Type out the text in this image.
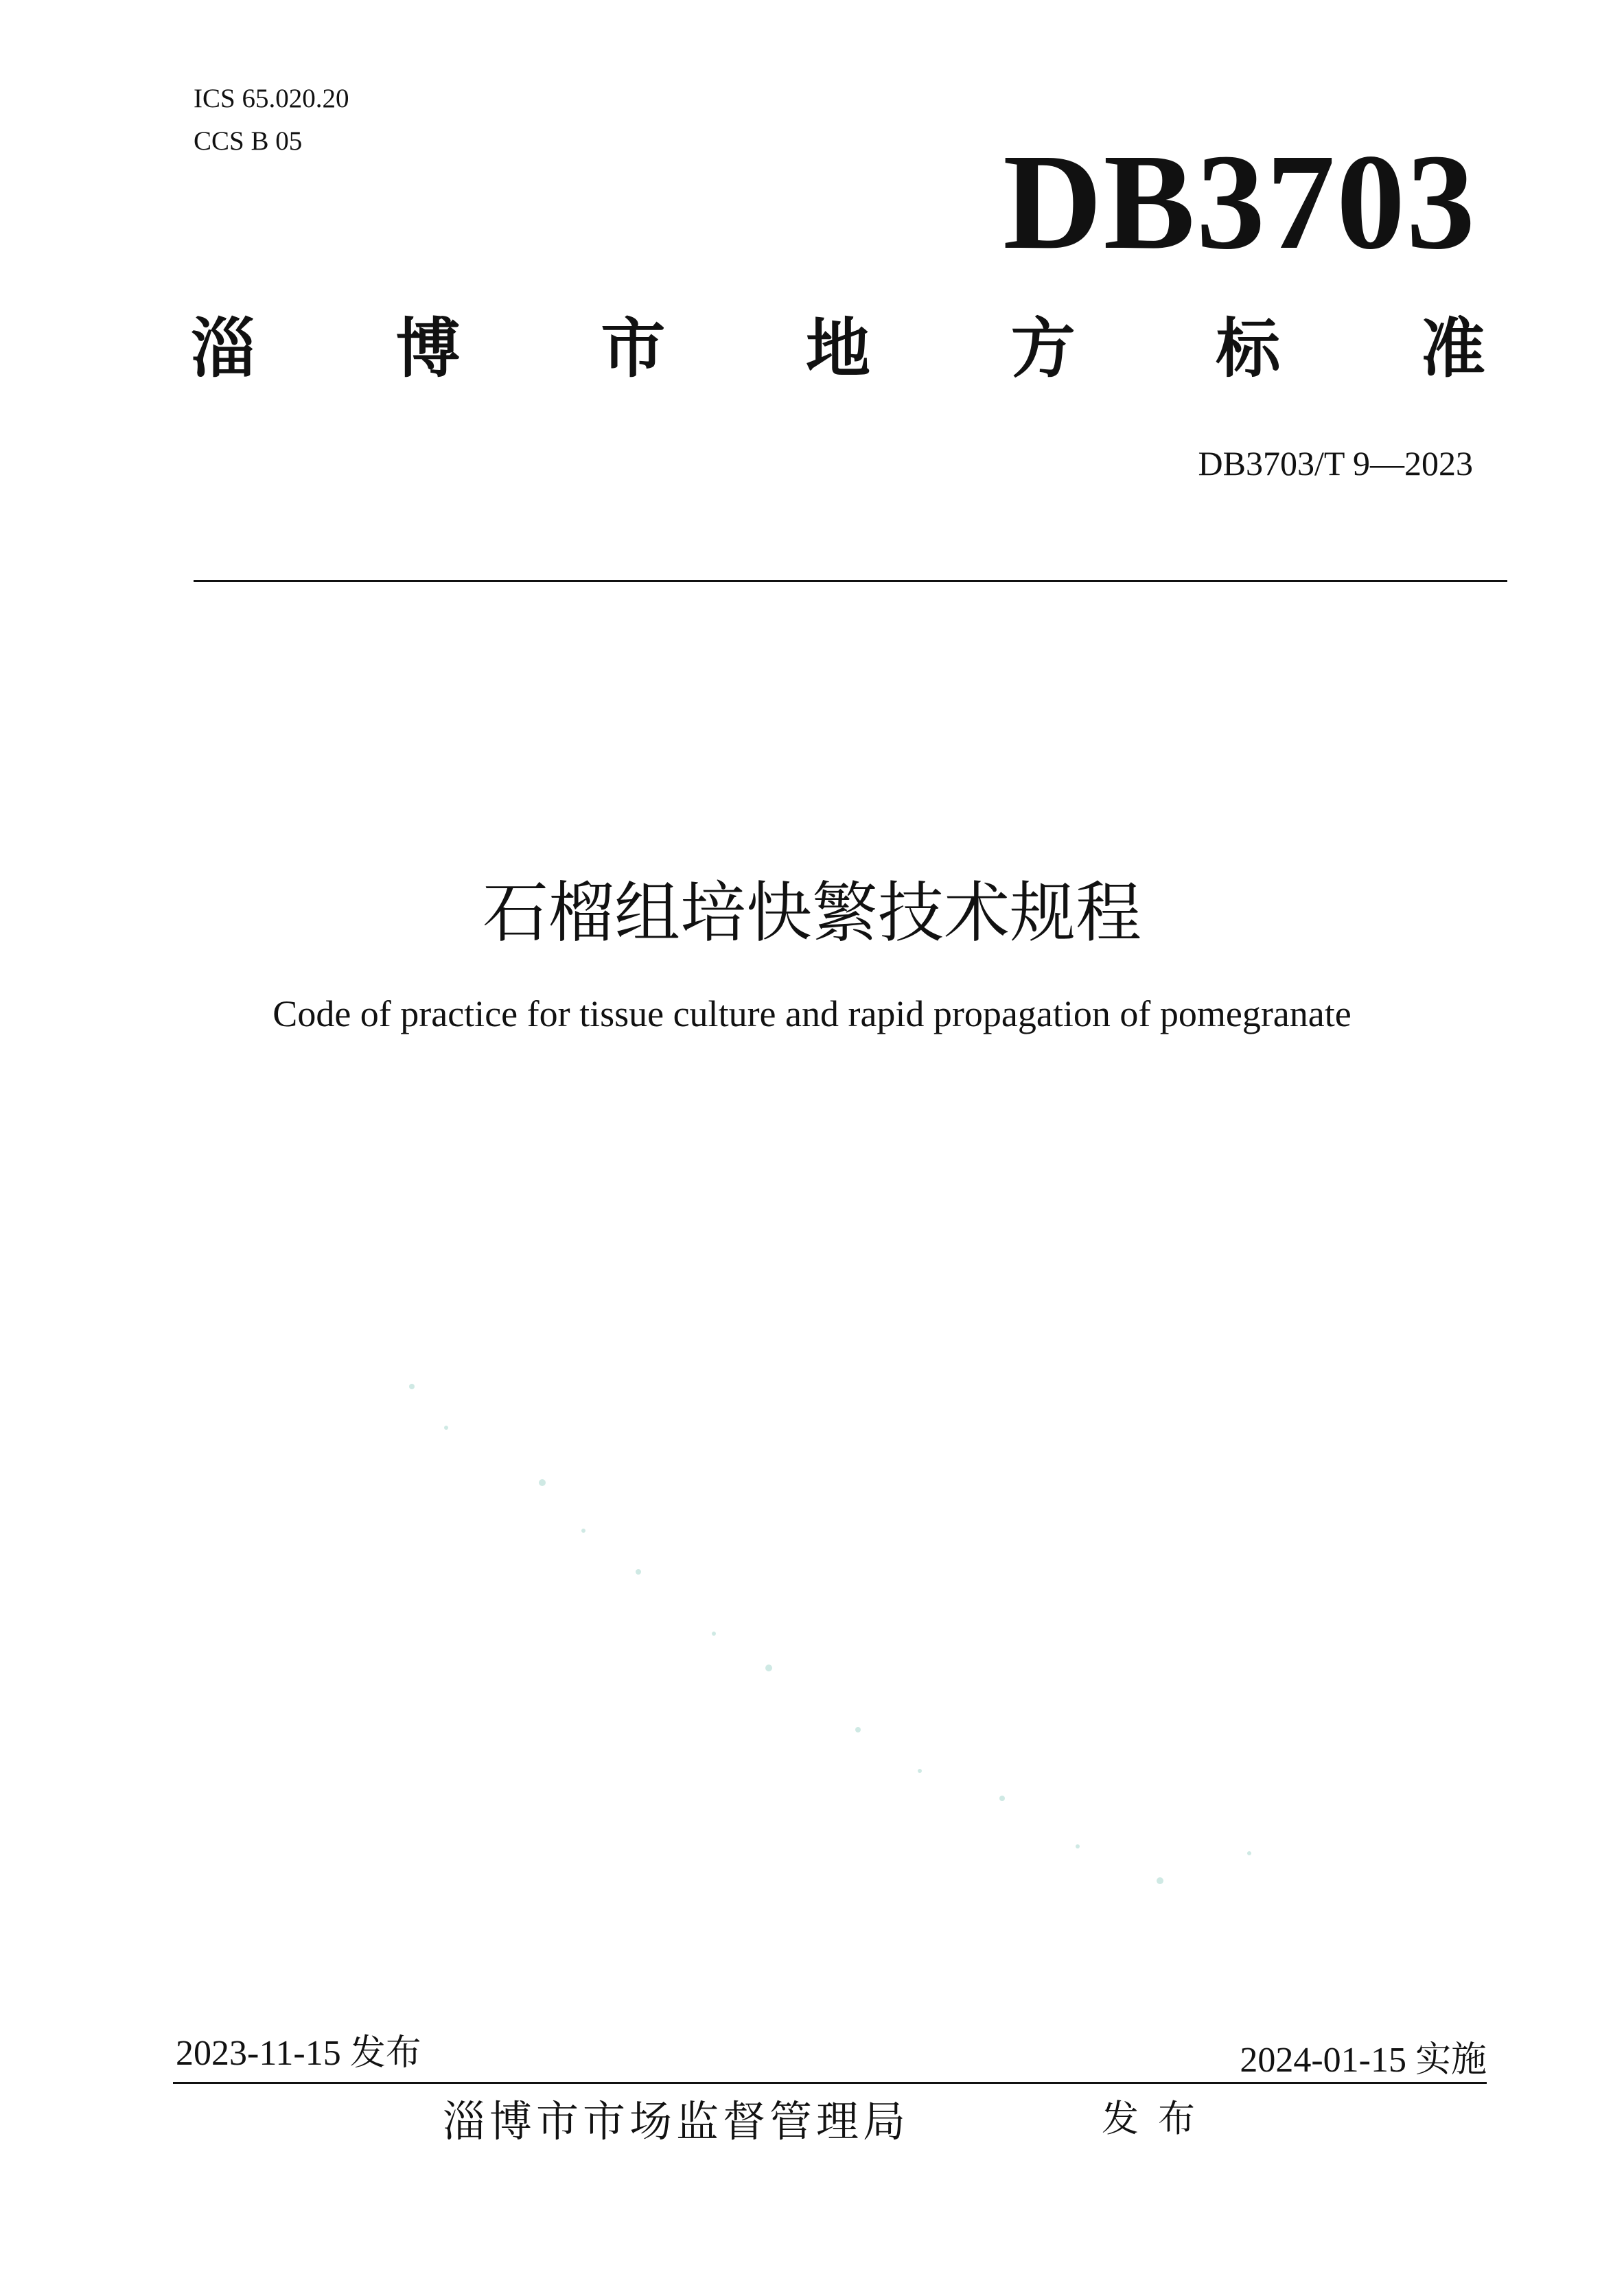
ICS 65.020.20
CCS B 05	DB3703
淄 博 市 地 方 标 准
DB3703/T 9—2023
石榴组培快繁技术规程
Code of practice for tissue culture and rapid propagation of pomegranate
2023-11-15 发布	2024-01-15 实施
淄博市市场监督管理局	发布
